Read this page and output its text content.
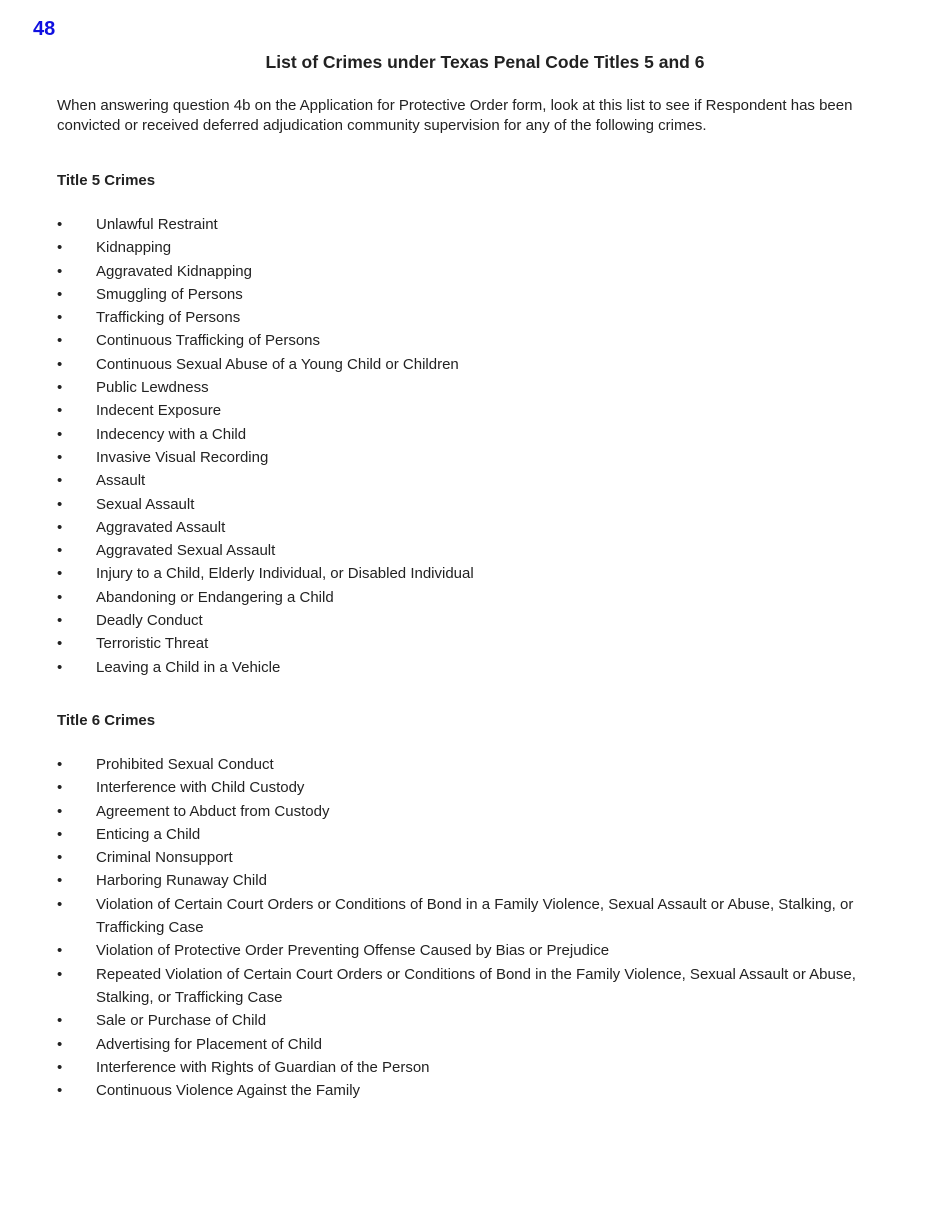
48
List of Crimes under Texas Penal Code Titles 5 and 6

When answering question 4b on the Application for Protective Order form, look at this list to see if Respondent has been convicted or received deferred adjudication community supervision for any of the following crimes.

Title 5 Crimes
• Unlawful Restraint
• Kidnapping
• Aggravated Kidnapping
• Smuggling of Persons
• Trafficking of Persons
• Continuous Trafficking of Persons
• Continuous Sexual Abuse of a Young Child or Children
• Public Lewdness
• Indecent Exposure
• Indecency with a Child
• Invasive Visual Recording
• Assault
• Sexual Assault
• Aggravated Assault
• Aggravated Sexual Assault
• Injury to a Child, Elderly Individual, or Disabled Individual
• Abandoning or Endangering a Child
• Deadly Conduct
• Terroristic Threat
• Leaving a Child in a Vehicle
Title 6 Crimes
• Prohibited Sexual Conduct
• Interference with Child Custody
• Agreement to Abduct from Custody
• Enticing a Child
• Criminal Nonsupport
• Harboring Runaway Child
• Violation of Certain Court Orders or Conditions of Bond in a Family Violence, Sexual Assault or Abuse, Stalking, or Trafficking Case
• Violation of Protective Order Preventing Offense Caused by Bias or Prejudice
• Repeated Violation of Certain Court Orders or Conditions of Bond in the Family Violence, Sexual Assault or Abuse, Stalking, or Trafficking Case
• Sale or Purchase of Child
• Advertising for Placement of Child
• Interference with Rights of Guardian of the Person
• Continuous Violence Against the Family
